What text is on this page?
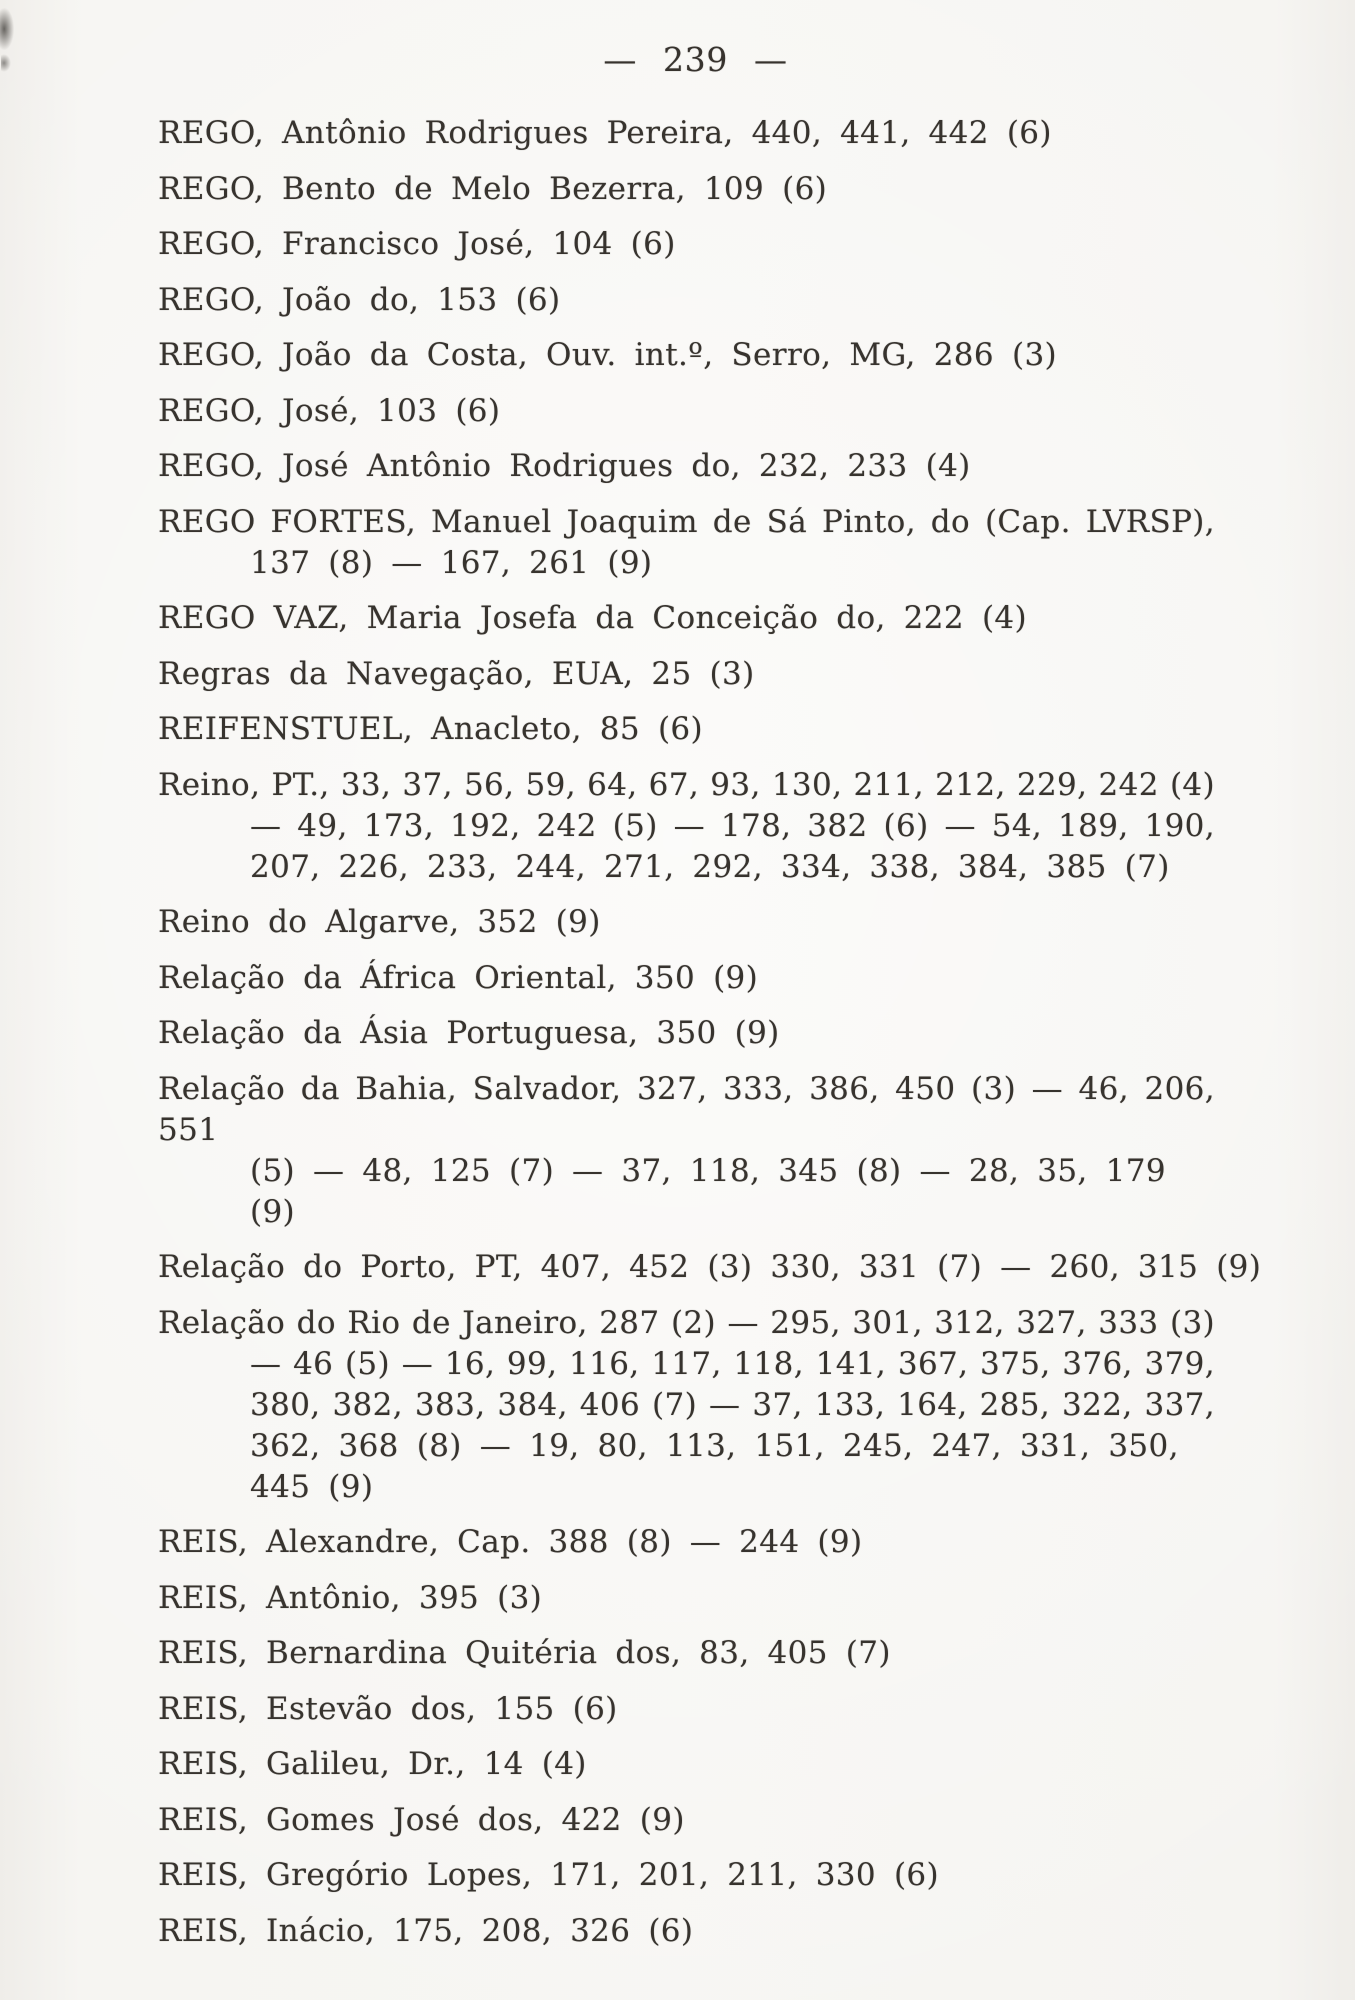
— 239 —
REGO, Antônio Rodrigues Pereira, 440, 441, 442 (6)
REGO, Bento de Melo Bezerra, 109 (6)
REGO, Francisco José, 104 (6)
REGO, João do, 153 (6)
REGO, João da Costa, Ouv. int.º, Serro, MG, 286 (3)
REGO, José, 103 (6)
REGO, José Antônio Rodrigues do, 232, 233 (4)
REGO FORTES, Manuel Joaquim de Sá Pinto, do (Cap. LVRSP),
137 (8) — 167, 261 (9)
REGO VAZ, Maria Josefa da Conceição do, 222 (4)
Regras da Navegação, EUA, 25 (3)
REIFENSTUEL, Anacleto, 85 (6)
Reino, PT., 33, 37, 56, 59, 64, 67, 93, 130, 211, 212, 229, 242 (4)
— 49, 173, 192, 242 (5) — 178, 382 (6) — 54, 189, 190,
207, 226, 233, 244, 271, 292, 334, 338, 384, 385 (7)
Reino do Algarve, 352 (9)
Relação da África Oriental, 350 (9)
Relação da Ásia Portuguesa, 350 (9)
Relação da Bahia, Salvador, 327, 333, 386, 450 (3) — 46, 206, 551
(5) — 48, 125 (7) — 37, 118, 345 (8) — 28, 35, 179 (9)
Relação do Porto, PT, 407, 452 (3) 330, 331 (7) — 260, 315 (9)
Relação do Rio de Janeiro, 287 (2) — 295, 301, 312, 327, 333 (3)
— 46 (5) — 16, 99, 116, 117, 118, 141, 367, 375, 376, 379,
380, 382, 383, 384, 406 (7) — 37, 133, 164, 285, 322, 337,
362, 368 (8) — 19, 80, 113, 151, 245, 247, 331, 350, 445 (9)
REIS, Alexandre, Cap. 388 (8) — 244 (9)
REIS, Antônio, 395 (3)
REIS, Bernardina Quitéria dos, 83, 405 (7)
REIS, Estevão dos, 155 (6)
REIS, Galileu, Dr., 14 (4)
REIS, Gomes José dos, 422 (9)
REIS, Gregório Lopes, 171, 201, 211, 330 (6)
REIS, Inácio, 175, 208, 326 (6)
